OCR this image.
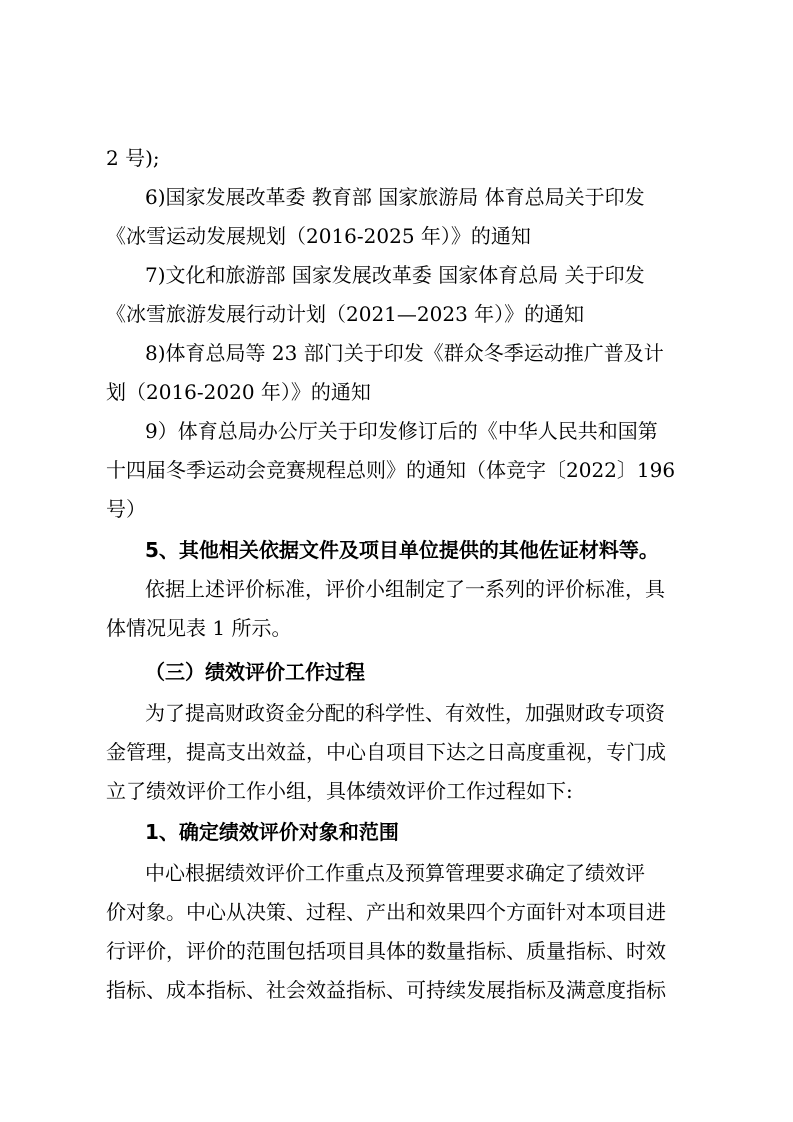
2 号);
6)国家发展改革委 教育部 国家旅游局 体育总局关于印发
《冰雪运动发展规划（2016-2025 年）》的通知
7)文化和旅游部 国家发展改革委 国家体育总局 关于印发
《冰雪旅游发展行动计划（2021—2023 年）》的通知
8)体育总局等 23 部门关于印发《群众冬季运动推广普及计
划（2016-2020 年）》的通知
9）体育总局办公厅关于印发修订后的《中华人民共和国第
十四届冬季运动会竞赛规程总则》的通知（体竞字〔2022〕196
号）
5、其他相关依据文件及项目单位提供的其他佐证材料等。
依据上述评价标准，评价小组制定了一系列的评价标准，具
体情况见表 1 所示。
（三）绩效评价工作过程
为了提高财政资金分配的科学性、有效性，加强财政专项资
金管理，提高支出效益，中心自项目下达之日高度重视，专门成
立了绩效评价工作小组，具体绩效评价工作过程如下:
1、确定绩效评价对象和范围
中心根据绩效评价工作重点及预算管理要求确定了绩效评
价对象。中心从决策、过程、产出和效果四个方面针对本项目进
行评价，评价的范围包括项目具体的数量指标、质量指标、时效
指标、成本指标、社会效益指标、可持续发展指标及满意度指标
